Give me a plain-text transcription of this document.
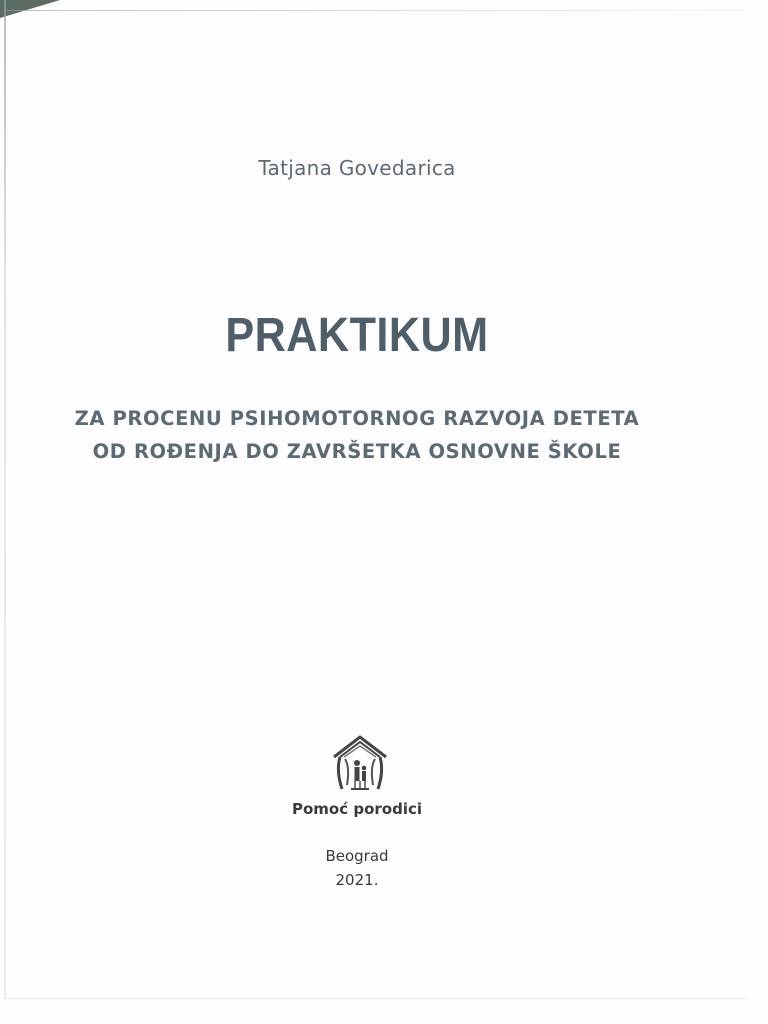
Tatjana Govedarica
PRAKTIKUM
ZA PROCENU PSIHOMOTORNOG RAZVOJA DETETA
OD ROĐENJA DO ZAVRŠETKA OSNOVNE ŠKOLE
Pomoć porodici
Beograd
2021.
